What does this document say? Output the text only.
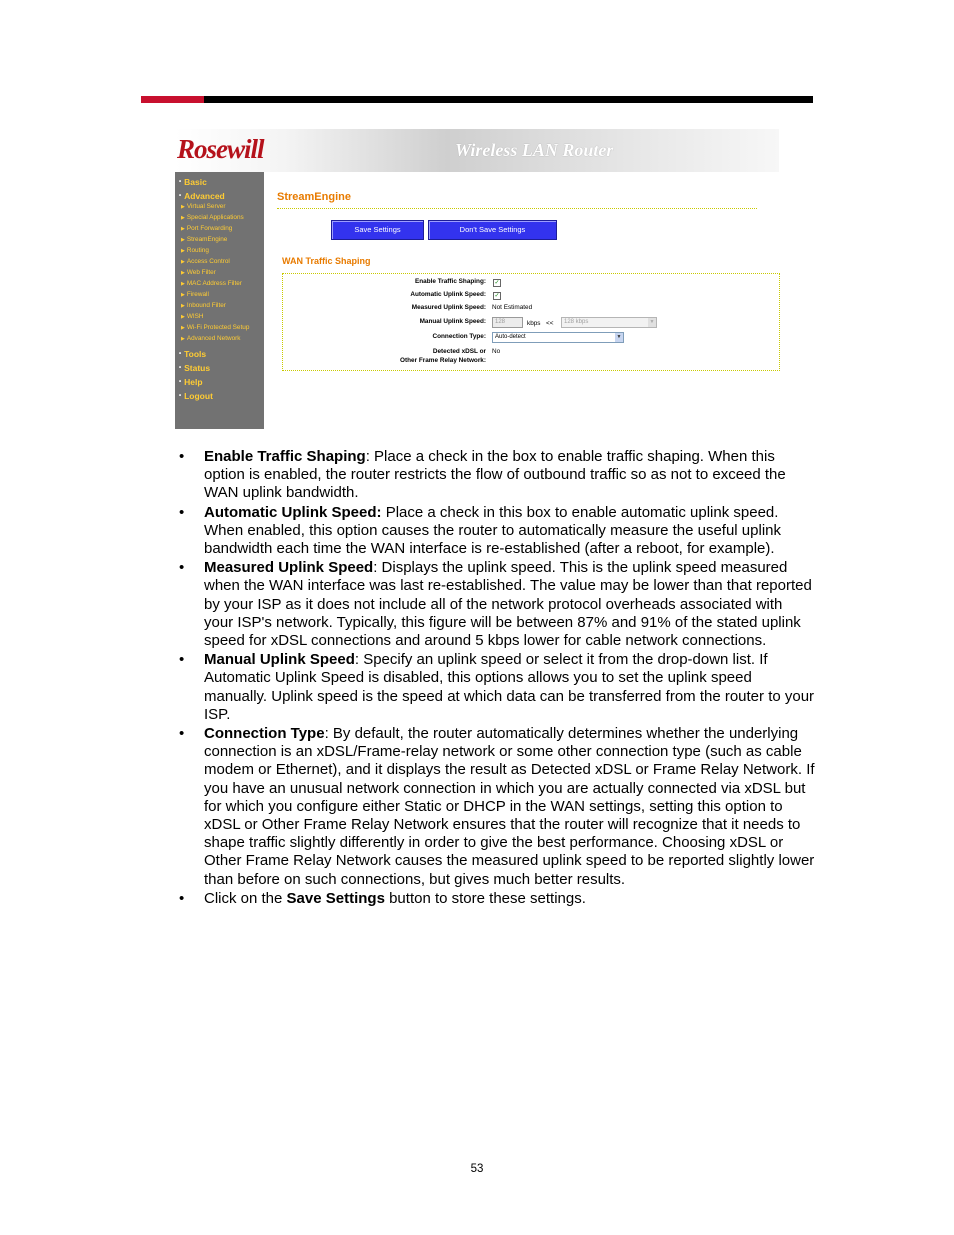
Rosewill	Wireless LAN Router
• Basic
• Advanced
▶ Virtual Server
▶ Special Applications
▶ Port Forwarding
▶ StreamEngine
▶ Routing
▶ Access Control
▶ Web Filter
▶ MAC Address Filter
▶ Firewall
▶ Inbound Filter
▶ WISH
▶ Wi-Fi Protected Setup
▶ Advanced Network
• Tools
• Status
• Help
• Logout
StreamEngine
Save Settings	Don't Save Settings
WAN Traffic Shaping
Enable Traffic Shaping: ✓
Automatic Uplink Speed: ✓
Measured Uplink Speed: Not Estimated
Manual Uplink Speed:	128	kbps <<	128 kbps	▼
Connection Type:	Auto-detect	▼
Detected xDSL or
Other Frame Relay Network:
No
• Enable Traffic Shaping: Place a check in the box to enable traffic shaping. When this option is enabled, the router restricts the flow of outbound traffic so as not to exceed the WAN uplink bandwidth.
• Automatic Uplink Speed: Place a check in this box to enable automatic uplink speed. When enabled, this option causes the router to automatically measure the useful uplink bandwidth each time the WAN interface is re-established (after a reboot, for example).
• Measured Uplink Speed: Displays the uplink speed. This is the uplink speed measured when the WAN interface was last re-established. The value may be lower than that reported by your ISP as it does not include all of the network protocol overheads associated with your ISP's network. Typically, this figure will be between 87% and 91% of the stated uplink speed for xDSL connections and around 5 kbps lower for cable network connections.
• Manual Uplink Speed: Specify an uplink speed or select it from the drop-down list. If Automatic Uplink Speed is disabled, this options allows you to set the uplink speed manually. Uplink speed is the speed at which data can be transferred from the router to your ISP.
• Connection Type: By default, the router automatically determines whether the underlying connection is an xDSL/Frame-relay network or some other connection type (such as cable modem or Ethernet), and it displays the result as Detected xDSL or Frame Relay Network. If you have an unusual network connection in which you are actually connected via xDSL but for which you configure either Static or DHCP in the WAN settings, setting this option to xDSL or Other Frame Relay Network ensures that the router will recognize that it needs to shape traffic slightly differently in order to give the best performance. Choosing xDSL or Other Frame Relay Network causes the measured uplink speed to be reported slightly lower than before on such connections, but gives much better results.
• Click on the Save Settings button to store these settings.
53
